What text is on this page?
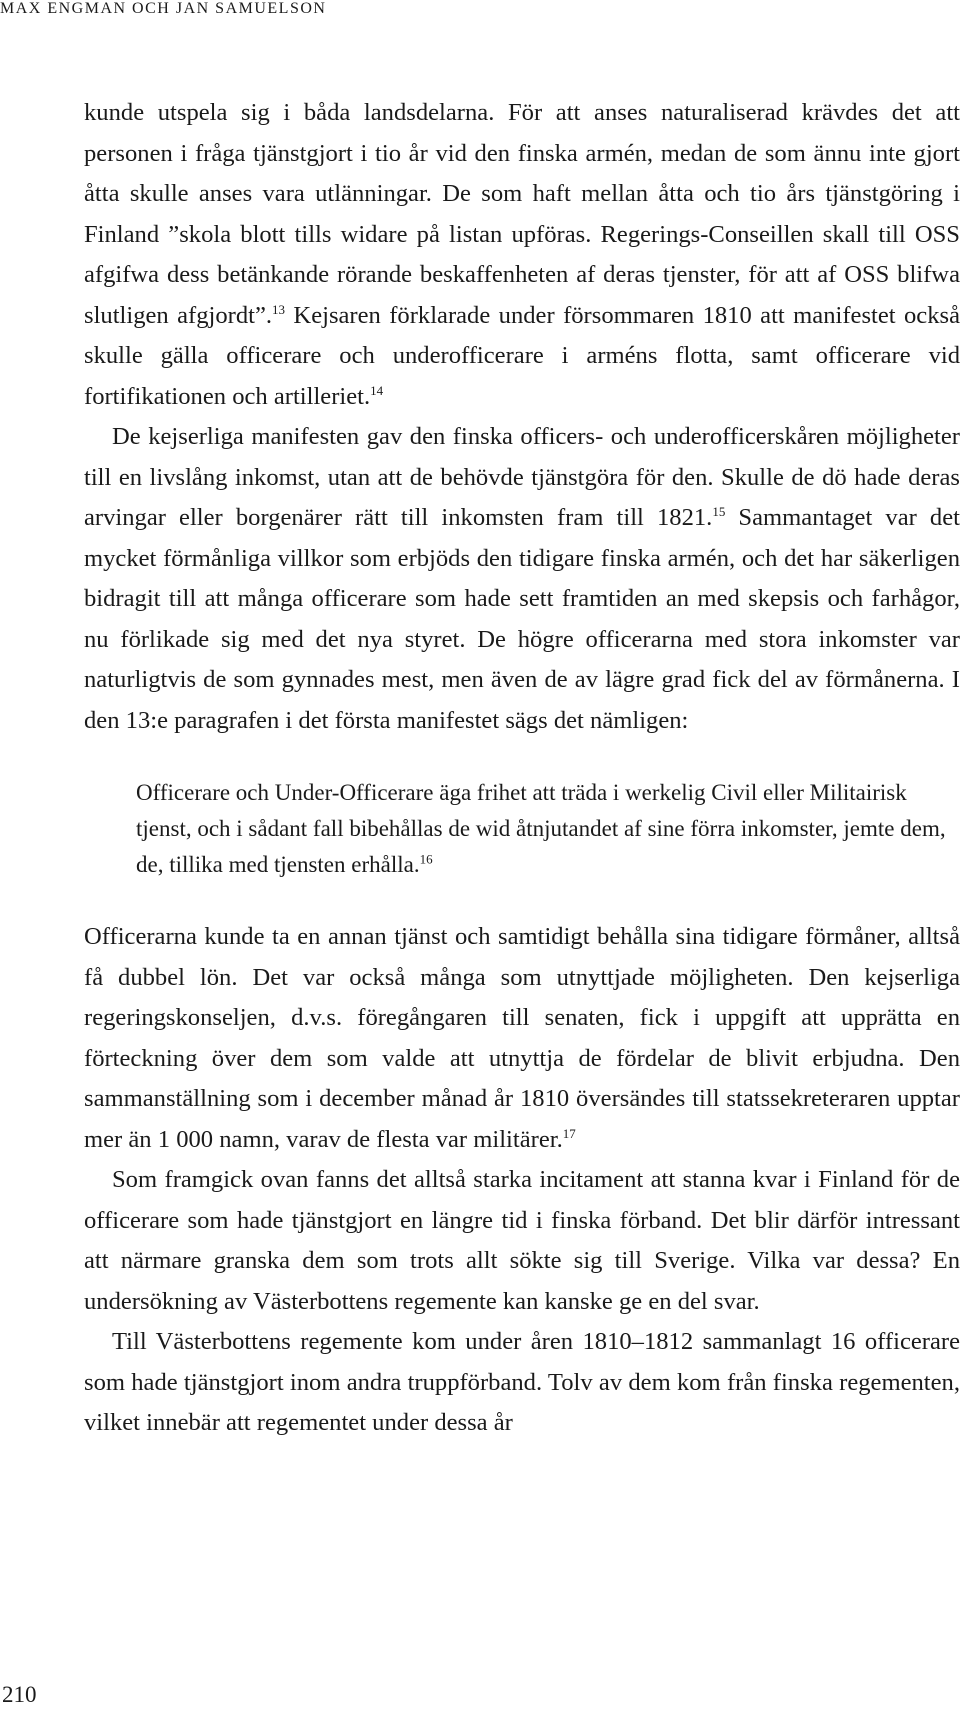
MAX ENGMAN OCH JAN SAMUELSON

kunde utspela sig i båda landsdelarna. För att anses naturaliserad krävdes det att personen i fråga tjänstgjort i tio år vid den finska armén, medan de som ännu inte gjort åtta skulle anses vara utlänningar. De som haft mellan åtta och tio års tjänstgöring i Finland ”skola blott tills widare på listan upföras. Regerings-Conseillen skall till OSS afgifwa dess betänkande rörande beskaffenheten af deras tjenster, för att af OSS blifwa slutligen afgjordt”.$^{13}$ Kejsaren förklarade under försommaren 1810 att manifestet också skulle gälla officerare och underofficerare i arméns flotta, samt officerare vid fortifikationen och artilleriet.$^{14}$

De kejserliga manifesten gav den finska officers- och underofficerskåren möjligheter till en livslång inkomst, utan att de behövde tjänstgöra för den. Skulle de dö hade deras arvingar eller borgenärer rätt till inkomsten fram till 1821.15 Sammantaget var det mycket förmånliga villkor som erbjöds den tidigare finska armén, och det har säkerligen bidragit till att många officerare som hade sett framtiden an med skepsis och farhågor, nu förlikade sig med det nya styret. De högre officerarna med stora inkomster var naturligtvis de som gynnades mest, men även de av lägre grad fick del av förmånerna. I den 13:e paragrafen i det första manifestet sägs det nämligen:

Officerare och Under-Officerare äga frihet att träda i werkelig Civil eller Militairisk tjenst, och i sådant fall bibehållas de wid åtnjutandet af sine förra inkomster, jemte dem, de, tillika med tjensten erhålla.$^{16}$

Officerarna kunde ta en annan tjänst och samtidigt behålla sina tidigare förmåner, alltså få dubbel lön. Det var också många som utnyttjade möjligheten. Den kejserliga regeringskonseljen, d.v.s. föregångaren till senaten, fick i uppgift att upprätta en förteckning över dem som valde att utnyttja de fördelar de blivit erbjudna. Den sammanställning som i december månad år 1810 översändes till statssekreteraren upptar mer än 1 000 namn, varav de flesta var militärer.$^{17}$

Som framgick ovan fanns det alltså starka incitament att stanna kvar i Finland för de officerare som hade tjänstgjort en längre tid i finska förband. Det blir därför intressant att närmare granska dem som trots allt sökte sig till Sverige. Vilka var dessa? En undersökning av Västerbottens regemente kan kanske ge en del svar.

Till Västerbottens regemente kom under åren 1810–1812 sammanlagt 16 officerare som hade tjänstgjort inom andra truppförband. Tolv av dem kom från finska regementen, vilket innebär att regementet under dessa år

210
